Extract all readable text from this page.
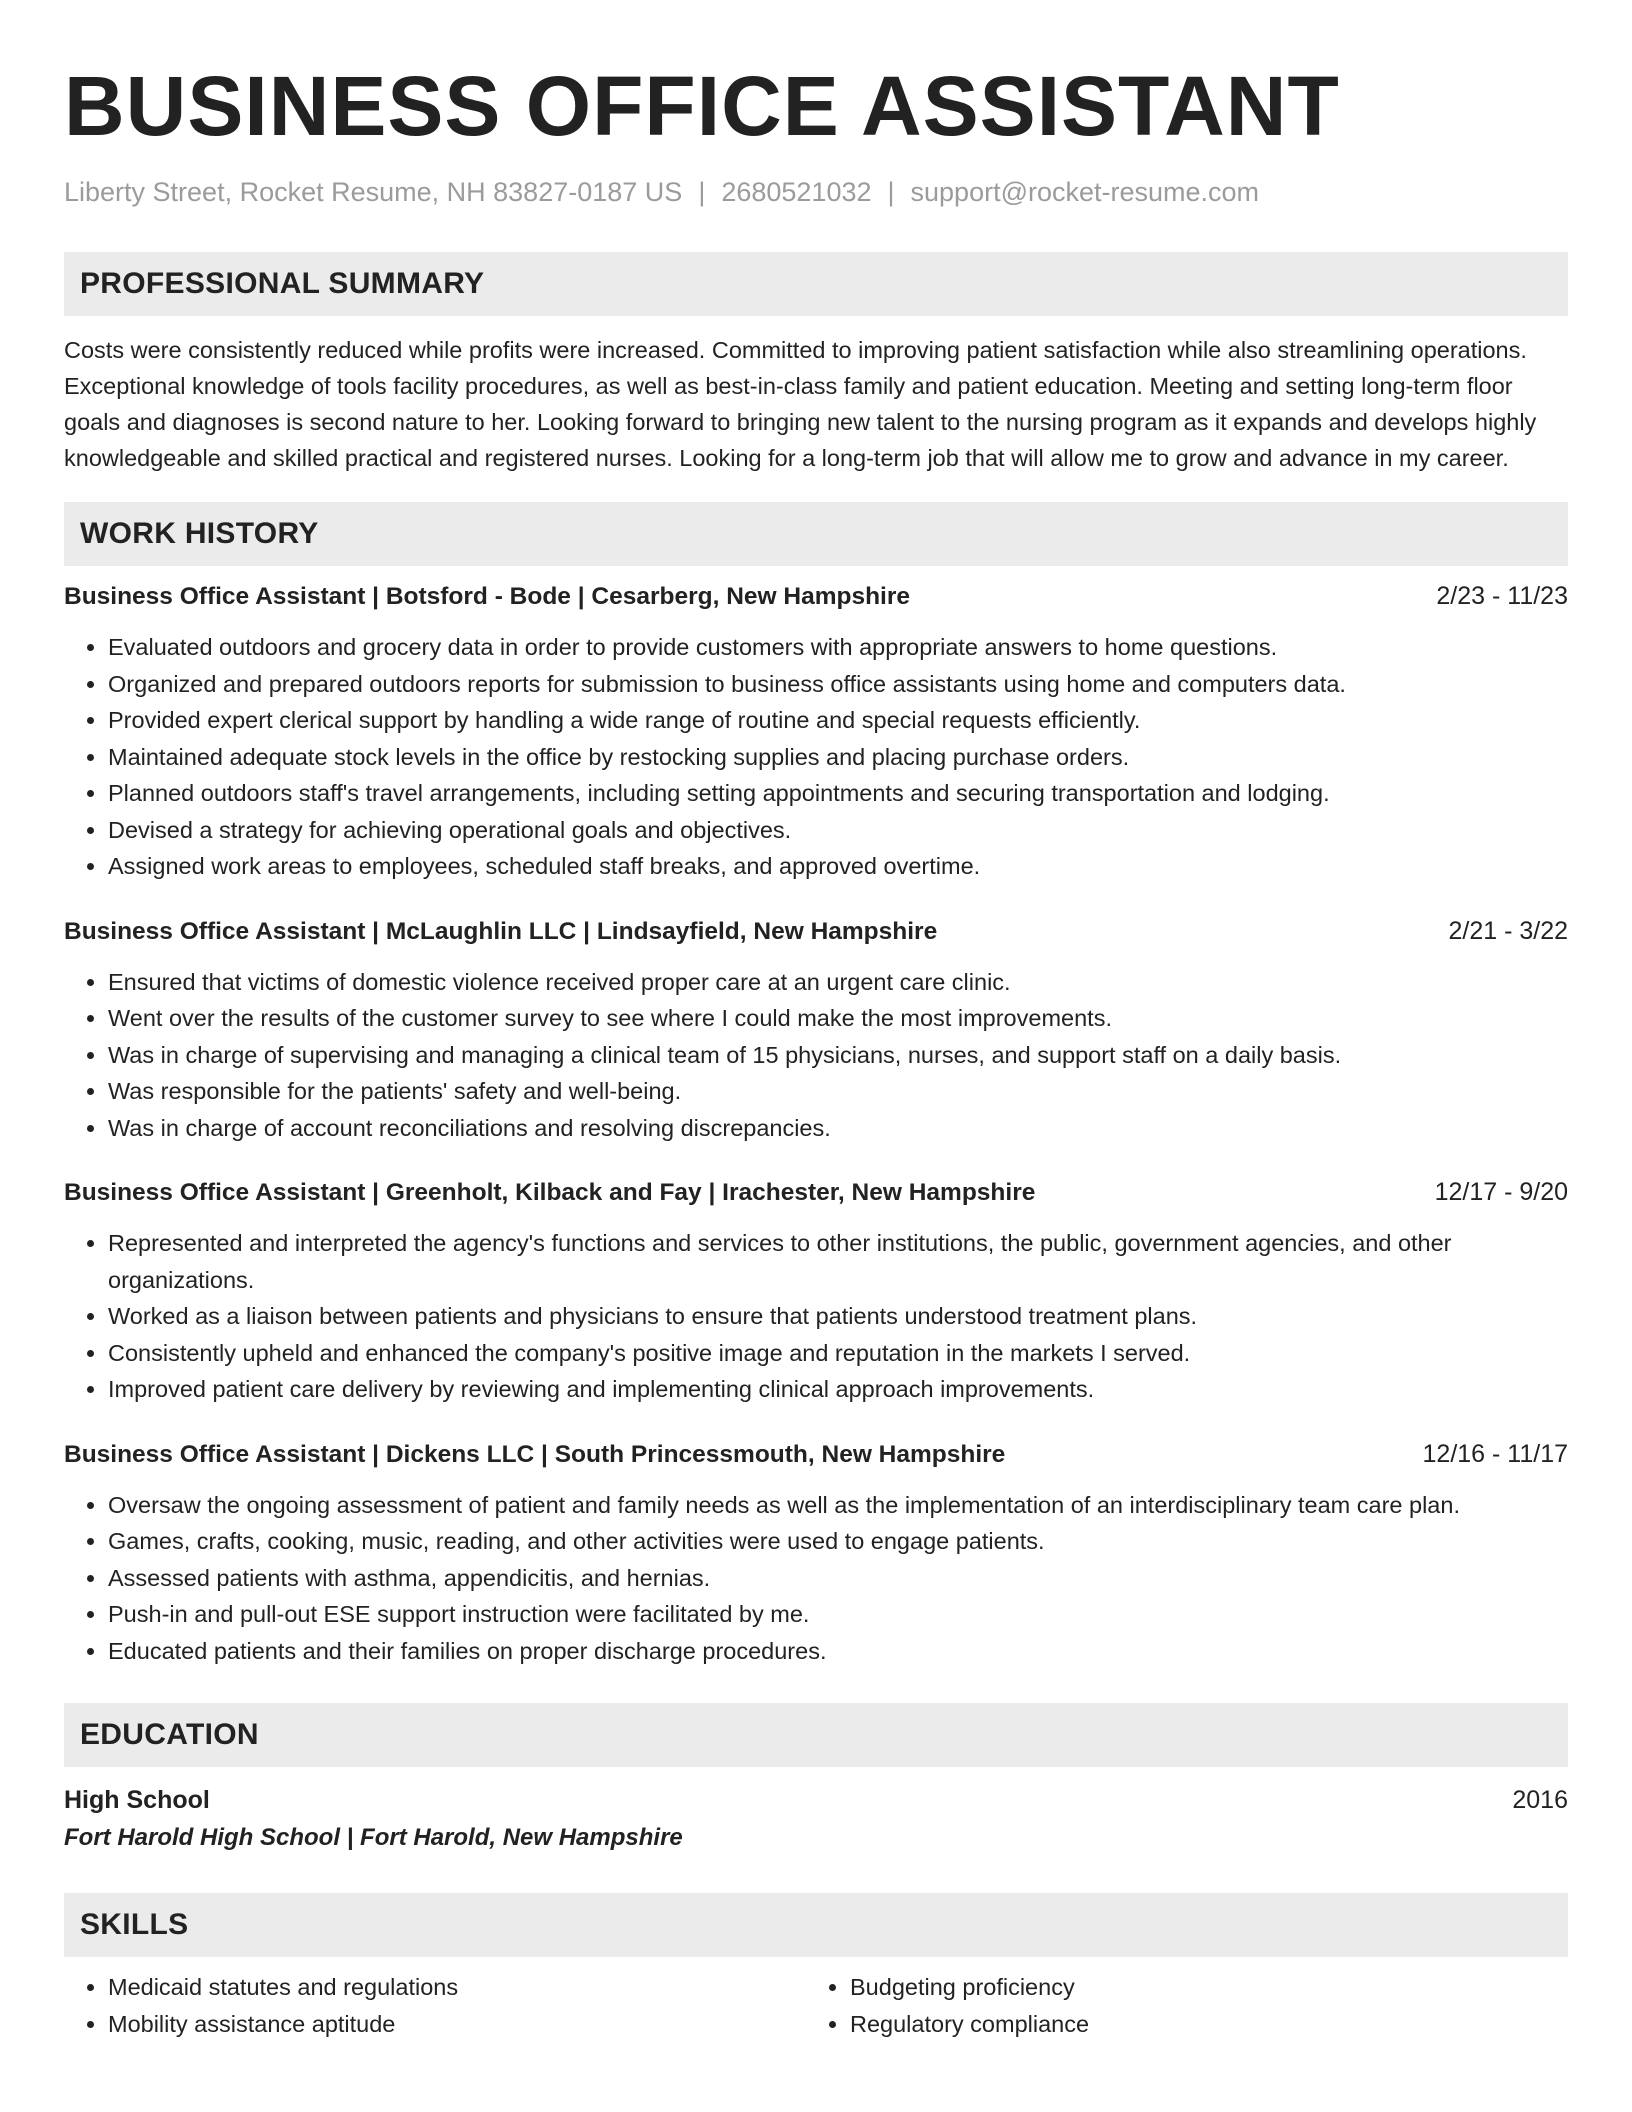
BUSINESS OFFICE ASSISTANT
Liberty Street, Rocket Resume, NH 83827-0187 US | 2680521032 | support@rocket-resume.com
PROFESSIONAL SUMMARY

Costs were consistently reduced while profits were increased. Committed to improving patient satisfaction while also streamlining operations. Exceptional knowledge of tools facility procedures, as well as best-in-class family and patient education. Meeting and setting long-term floor goals and diagnoses is second nature to her. Looking forward to bringing new talent to the nursing program as it expands and develops highly knowledgeable and skilled practical and registered nurses. Looking for a long-term job that will allow me to grow and advance in my career.

WORK HISTORY
Business Office Assistant | Botsford - Bode | Cesarberg, New Hampshire	2/23 - 11/23
• Evaluated outdoors and grocery data in order to provide customers with appropriate answers to home questions.
• Organized and prepared outdoors reports for submission to business office assistants using home and computers data.
• Provided expert clerical support by handling a wide range of routine and special requests efficiently.
• Maintained adequate stock levels in the office by restocking supplies and placing purchase orders.
• Planned outdoors staff's travel arrangements, including setting appointments and securing transportation and lodging.
• Devised a strategy for achieving operational goals and objectives.
• Assigned work areas to employees, scheduled staff breaks, and approved overtime.
Business Office Assistant | McLaughlin LLC | Lindsayfield, New Hampshire	2/21 - 3/22
• Ensured that victims of domestic violence received proper care at an urgent care clinic.
• Went over the results of the customer survey to see where I could make the most improvements.
• Was in charge of supervising and managing a clinical team of 15 physicians, nurses, and support staff on a daily basis.
• Was responsible for the patients' safety and well-being.
• Was in charge of account reconciliations and resolving discrepancies.
Business Office Assistant | Greenholt, Kilback and Fay | Irachester, New Hampshire	12/17 - 9/20
• Represented and interpreted the agency's functions and services to other institutions, the public, government agencies, and other organizations.
• Worked as a liaison between patients and physicians to ensure that patients understood treatment plans.
• Consistently upheld and enhanced the company's positive image and reputation in the markets I served.
• Improved patient care delivery by reviewing and implementing clinical approach improvements.
Business Office Assistant | Dickens LLC | South Princessmouth, New Hampshire	12/16 - 11/17
• Oversaw the ongoing assessment of patient and family needs as well as the implementation of an interdisciplinary team care plan.
• Games, crafts, cooking, music, reading, and other activities were used to engage patients.
• Assessed patients with asthma, appendicitis, and hernias.
• Push-in and pull-out ESE support instruction were facilitated by me.
• Educated patients and their families on proper discharge procedures.
EDUCATION
High School	2016
Fort Harold High School | Fort Harold, New Hampshire
SKILLS
• Medicaid statutes and regulations
• Mobility assistance aptitude
• Budgeting proficiency
• Regulatory compliance
